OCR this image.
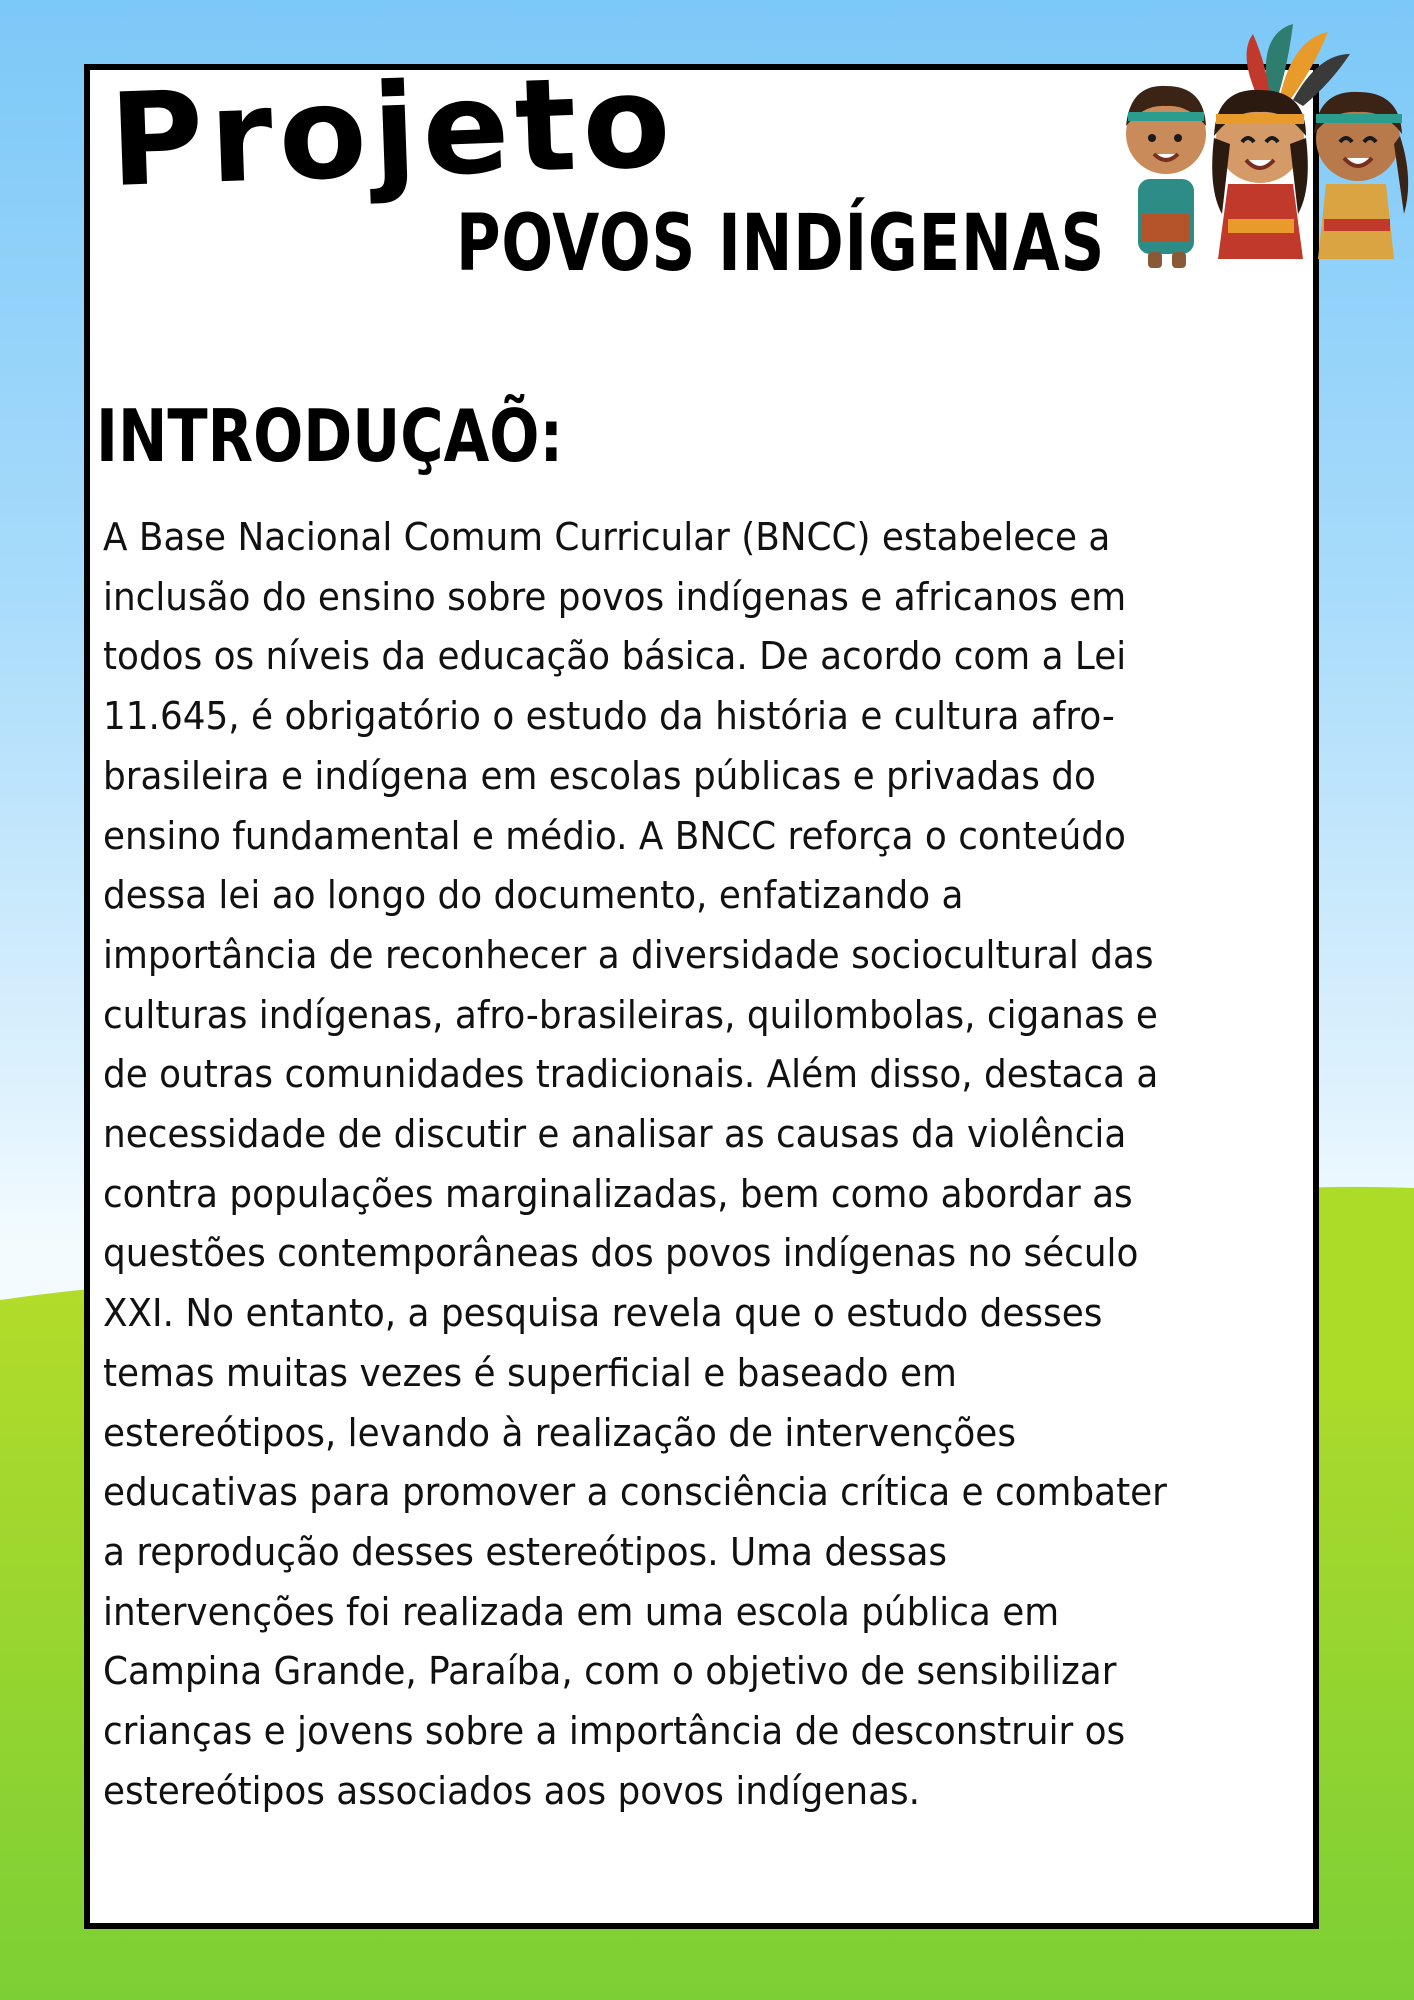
Projeto
POVOS INDÍGENAS
INTRODUÇAÕ:
A Base Nacional Comum Curricular (BNCC) estabelece a
inclusão do ensino sobre povos indígenas e africanos em
todos os níveis da educação básica. De acordo com a Lei
11.645, é obrigatório o estudo da história e cultura afro-
brasileira e indígena em escolas públicas e privadas do
ensino fundamental e médio. A BNCC reforça o conteúdo
dessa lei ao longo do documento, enfatizando a
importância de reconhecer a diversidade sociocultural das
culturas indígenas, afro-brasileiras, quilombolas, ciganas e
de outras comunidades tradicionais. Além disso, destaca a
necessidade de discutir e analisar as causas da violência
contra populações marginalizadas, bem como abordar as
questões contemporâneas dos povos indígenas no século
XXI. No entanto, a pesquisa revela que o estudo desses
temas muitas vezes é superficial e baseado em
estereótipos, levando à realização de intervenções
educativas para promover a consciência crítica e combater
a reprodução desses estereótipos. Uma dessas
intervenções foi realizada em uma escola pública em
Campina Grande, Paraíba, com o objetivo de sensibilizar
crianças e jovens sobre a importância de desconstruir os
estereótipos associados aos povos indígenas.
